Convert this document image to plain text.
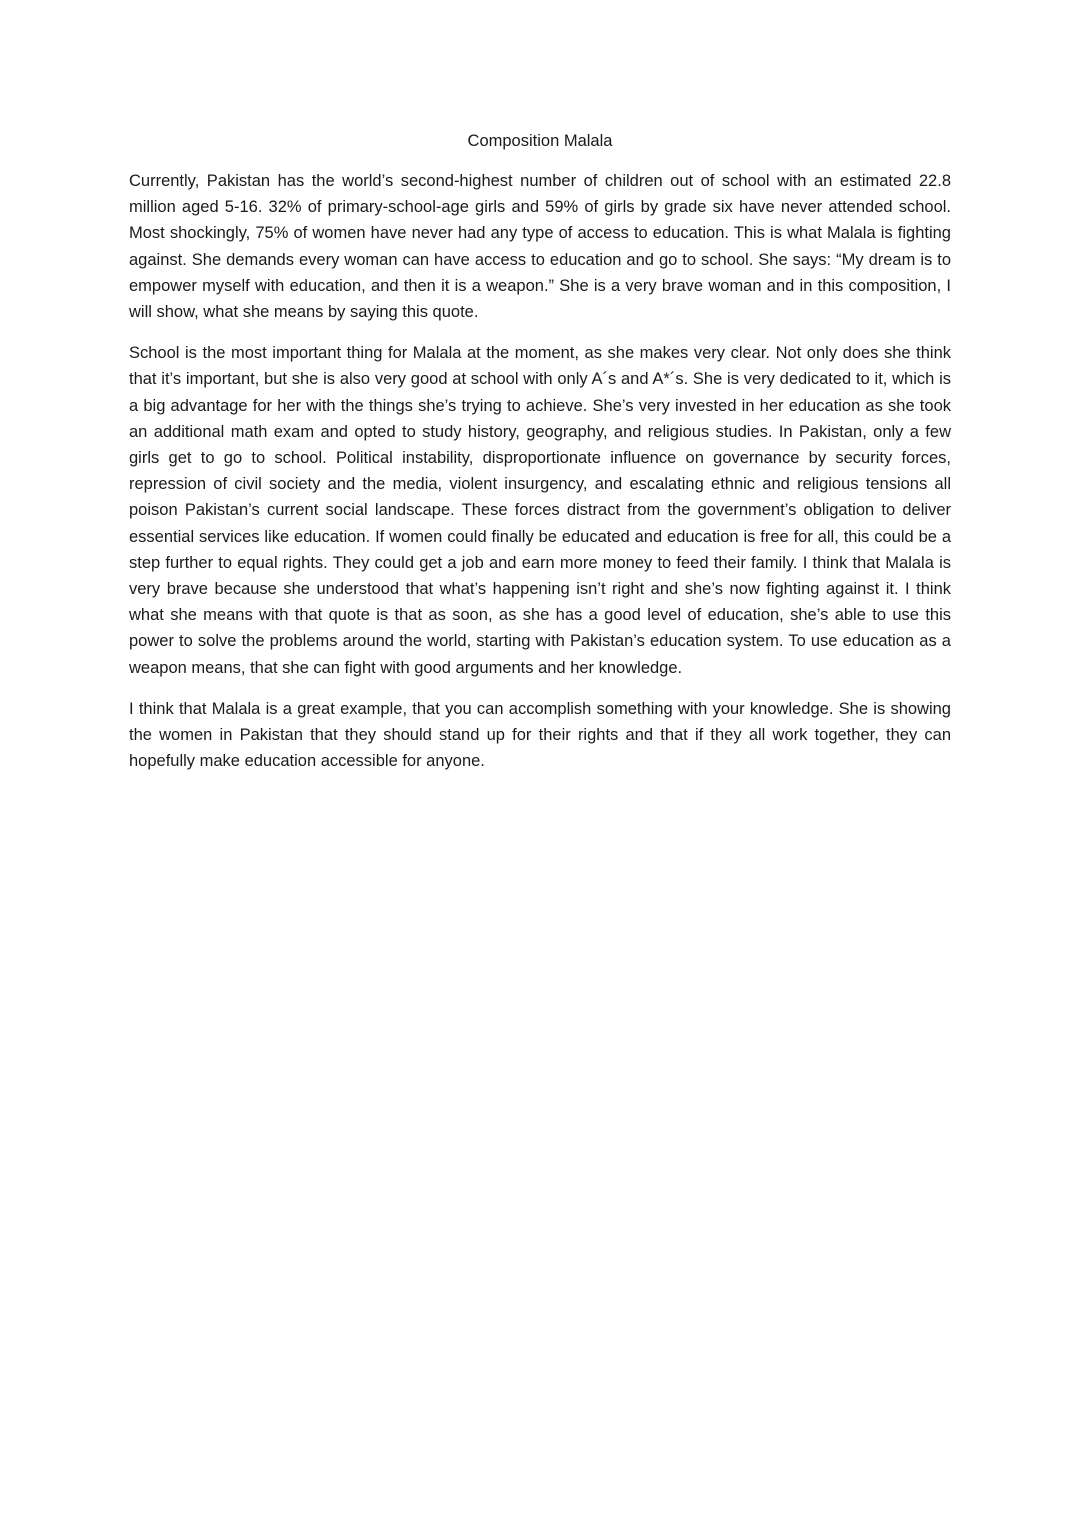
Composition Malala

Currently, Pakistan has the world’s second-highest number of children out of school with an estimated 22.8 million aged 5-16. 32% of primary-school-age girls and 59% of girls by grade six have never attended school. Most shockingly, 75% of women have never had any type of access to education. This is what Malala is fighting against. She demands every woman can have access to education and go to school. She says: “My dream is to empower myself with education, and then it is a weapon.” She is a very brave woman and in this composition, I will show, what she means by saying this quote.

School is the most important thing for Malala at the moment, as she makes very clear. Not only does she think that it’s important, but she is also very good at school with only A´s and A*´s. She is very dedicated to it, which is a big advantage for her with the things she’s trying to achieve. She’s very invested in her education as she took an additional math exam and opted to study history, geography, and religious studies. In Pakistan, only a few girls get to go to school. Political instability, disproportionate influence on governance by security forces, repression of civil society and the media, violent insurgency, and escalating ethnic and religious tensions all poison Pakistan’s current social landscape. These forces distract from the government’s obligation to deliver essential services like education. If women could finally be educated and education is free for all, this could be a step further to equal rights. They could get a job and earn more money to feed their family. I think that Malala is very brave because she understood that what’s happening isn’t right and she’s now fighting against it. I think what she means with that quote is that as soon, as she has a good level of education, she’s able to use this power to solve the problems around the world, starting with Pakistan’s education system. To use education as a weapon means, that she can fight with good arguments and her knowledge.

I think that Malala is a great example, that you can accomplish something with your knowledge. She is showing the women in Pakistan that they should stand up for their rights and that if they all work together, they can hopefully make education accessible for anyone.
